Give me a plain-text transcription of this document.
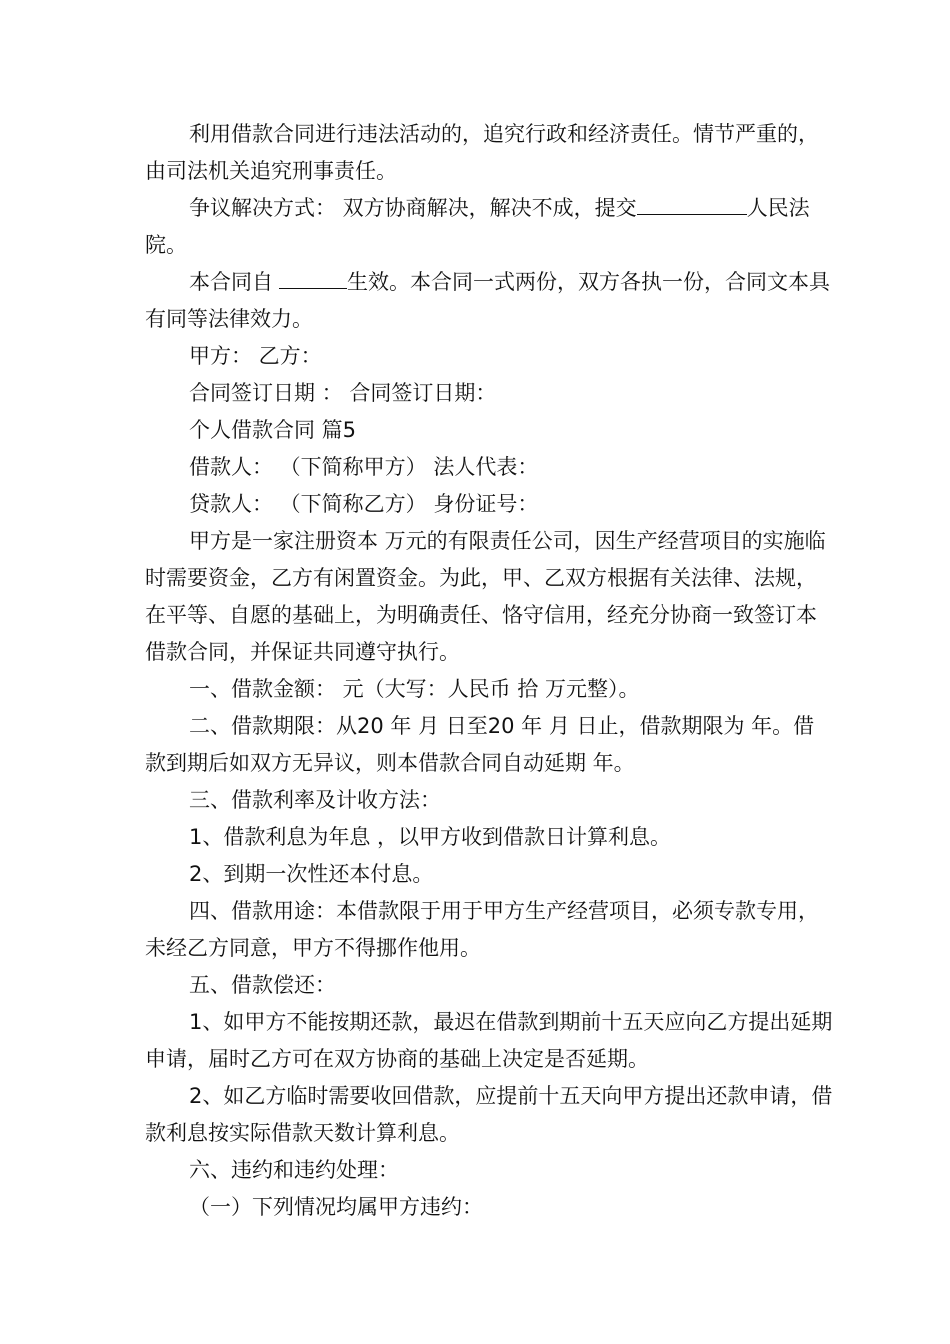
利用借款合同进行违法活动的，追究行政和经济责任。情节严重的，由司法机关追究刑事责任。

争议解决方式： 双方协商解决，解决不成，提交	人民法院。

本合同自	生效。本合同一式两份，双方各执一份，合同文本具有同等法律效力。

甲方： 乙方：

合同签订日期 ： 合同签订日期：

个人借款合同 篇5

借款人： （下简称甲方） 法人代表：

贷款人： （下简称乙方） 身份证号：

甲方是一家注册资本 万元的有限责任公司，因生产经营项目的实施临时需要资金，乙方有闲置资金。为此，甲、乙双方根据有关法律、法规，在平等、自愿的基础上，为明确责任、恪守信用，经充分协商一致签订本借款合同，并保证共同遵守执行。

一、借款金额： 元（大写：人民币 拾 万元整）。

二、借款期限：从20 年 月 日至20 年 月 日止，借款期限为 年。借款到期后如双方无异议，则本借款合同自动延期 年。

三、借款利率及计收方法：

1、借款利息为年息 ，以甲方收到借款日计算利息。

2、到期一次性还本付息。

四、借款用途：本借款限于用于甲方生产经营项目，必须专款专用，未经乙方同意，甲方不得挪作他用。

五、借款偿还：

1、如甲方不能按期还款，最迟在借款到期前十五天应向乙方提出延期申请，届时乙方可在双方协商的基础上决定是否延期。

2、如乙方临时需要收回借款，应提前十五天向甲方提出还款申请，借款利息按实际借款天数计算利息。

六、违约和违约处理：

（一）下列情况均属甲方违约：
